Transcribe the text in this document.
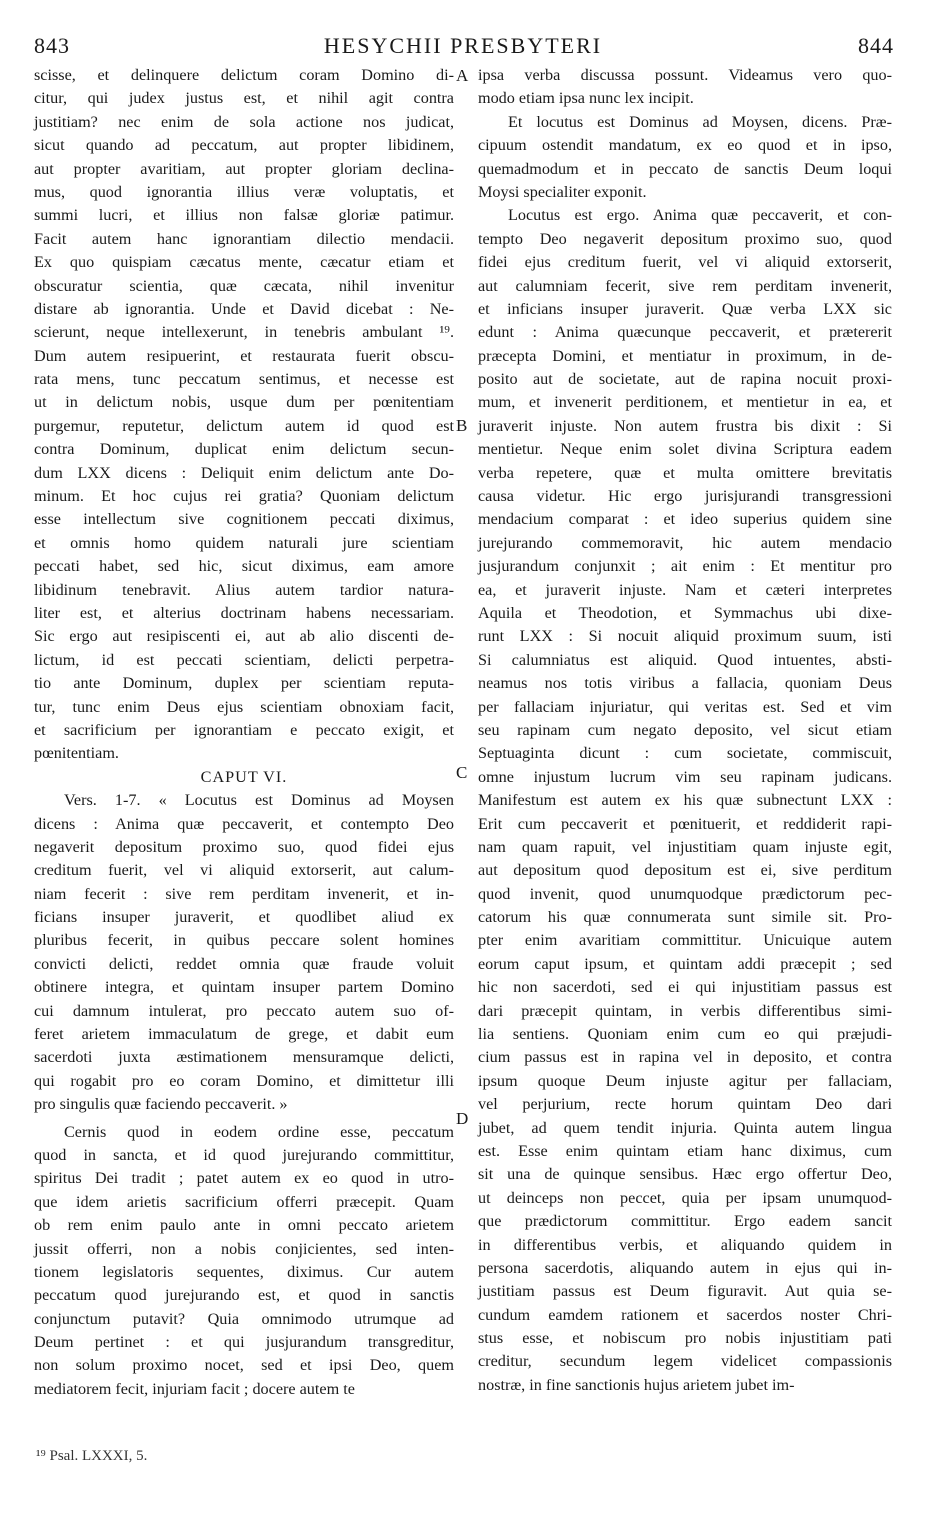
843	HESYCHII PRESBYTERI	844
scisse, et delinquere delictum coram Domino di-
citur, qui judex justus est, et nihil agit contra
justitiam? nec enim de sola actione nos judicat,
sicut quando ad peccatum, aut propter libidinem,
aut propter avaritiam, aut propter gloriam declina-
mus, quod ignorantia illius veræ voluptatis, et
summi lucri, et illius non falsæ gloriæ patimur.
Facit autem hanc ignorantiam dilectio mendacii.
Ex quo quispiam cæcatus mente, cæcatur etiam et
obscuratur scientia, quæ cæcata, nihil invenitur
distare ab ignorantia. Unde et David dicebat : Ne-
scierunt, neque intellexerunt, in tenebris ambulant ¹⁹.
Dum autem resipuerint, et restaurata fuerit obscu-
rata mens, tunc peccatum sentimus, et necesse est
ut in delictum nobis, usque dum per pœnitentiam
purgemur, reputetur, delictum autem id quod est
contra Dominum, duplicat enim delictum secun-
dum LXX dicens : Deliquit enim delictum ante Do-
minum. Et hoc cujus rei gratia? Quoniam delictum
esse intellectum sive cognitionem peccati diximus,
et omnis homo quidem naturali jure scientiam
peccati habet, sed hic, sicut diximus, eam amore
libidinum tenebravit. Alius autem tardior natura-
liter est, et alterius doctrinam habens necessariam.
Sic ergo aut resipiscenti ei, aut ab alio discenti de-
lictum, id est peccati scientiam, delicti perpetra-
tio ante Dominum, duplex per scientiam reputa-
tur, tunc enim Deus ejus scientiam obnoxiam facit,
et sacrificium per ignorantiam e peccato exigit, et
pœnitentiam.
CAPUT VI.
Vers. 1-7. « Locutus est Dominus ad Moysen
dicens : Anima quæ peccaverit, et contempto Deo
negaverit depositum proximo suo, quod fidei ejus
creditum fuerit, vel vi aliquid extorserit, aut calum-
niam fecerit : sive rem perditam invenerit, et in-
ficians insuper juraverit, et quodlibet aliud ex
pluribus fecerit, in quibus peccare solent homines
convicti delicti, reddet omnia quæ fraude voluit
obtinere integra, et quintam insuper partem Domino
cui damnum intulerat, pro peccato autem suo of-
feret arietem immaculatum de grege, et dabit eum
sacerdoti juxta æstimationem mensuramque delicti,
qui rogabit pro eo coram Domino, et dimittetur illi
pro singulis quæ faciendo peccaverit. »
Cernis quod in eodem ordine esse, peccatum
quod in sancta, et id quod jurejurando committitur,
spiritus Dei tradit ; patet autem ex eo quod in utro-
que idem arietis sacrificium offerri præcepit. Quam
ob rem enim paulo ante in omni peccato arietem
jussit offerri, non a nobis conjicientes, sed inten-
tionem legislatoris sequentes, diximus. Cur autem
peccatum quod jurejurando est, et quod in sanctis
conjunctum putavit? Quia omnimodo utrumque ad
Deum pertinet : et qui jusjurandum transgreditur,
non solum proximo nocet, sed et ipsi Deo, quem
mediatorem fecit, injuriam facit ; docere autem te
ipsa verba discussa possunt. Videamus vero quo-
modo etiam ipsa nunc lex incipit.
Et locutus est Dominus ad Moysen, dicens. Præ-
cipuum ostendit mandatum, ex eo quod et in ipso,
quemadmodum et in peccato de sanctis Deum loqui
Moysi specialiter exponit.
Locutus est ergo. Anima quæ peccaverit, et con-
tempto Deo negaverit depositum proximo suo, quod
fidei ejus creditum fuerit, vel vi aliquid extorserit,
aut calumniam fecerit, sive rem perditam invenerit,
et inficians insuper juraverit. Quæ verba LXX sic
edunt : Anima quæcunque peccaverit, et prætererit
præcepta Domini, et mentiatur in proximum, in de-
posito aut de societate, aut de rapina nocuit proxi-
mum, et invenerit perditionem, et mentietur in ea, et
juraverit injuste. Non autem frustra bis dixit : Si
mentietur. Neque enim solet divina Scriptura eadem
verba repetere, quæ et multa omittere brevitatis
causa videtur. Hic ergo jurisjurandi transgressioni
mendacium comparat : et ideo superius quidem sine
jurejurando commemoravit, hic autem mendacio
jusjurandum conjunxit ; ait enim : Et mentitur pro
ea, et juraverit injuste. Nam et cæteri interpretes
Aquila et Theodotion, et Symmachus ubi dixe-
runt LXX : Si nocuit aliquid proximum suum, isti
Si calumniatus est aliquid. Quod intuentes, absti-
neamus nos totis viribus a fallacia, quoniam Deus
per fallaciam injuriatur, qui veritas est. Sed et vim
seu rapinam cum negato deposito, vel sicut etiam
Septuaginta dicunt : cum societate, commiscuit,
omne injustum lucrum vim seu rapinam judicans.
Manifestum est autem ex his quæ subnectunt LXX :
Erit cum peccaverit et pœnituerit, et reddiderit rapi-
nam quam rapuit, vel injustitiam quam injuste egit,
aut depositum quod depositum est ei, sive perditum
quod invenit, quod unumquodque prædictorum pec-
catorum his quæ connumerata sunt simile sit. Pro-
pter enim avaritiam committitur. Unicuique autem
eorum caput ipsum, et quintam addi præcepit ; sed
hic non sacerdoti, sed ei qui injustitiam passus est
dari præcepit quintam, in verbis differentibus simi-
lia sentiens. Quoniam enim cum eo qui præjudi-
cium passus est in rapina vel in deposito, et contra
ipsum quoque Deum injuste agitur per fallaciam,
vel perjurium, recte horum quintam Deo dari
jubet, ad quem tendit injuria. Quinta autem lingua
est. Esse enim quintam etiam hanc diximus, cum
sit una de quinque sensibus. Hæc ergo offertur Deo,
ut deinceps non peccet, quia per ipsam unumquod-
que prædictorum committitur. Ergo eadem sancit
in differentibus verbis, et aliquando quidem in
persona sacerdotis, aliquando autem in ejus qui in-
justitiam passus est Deum figuravit. Aut quia se-
cundum eamdem rationem et sacerdos noster Chri-
stus esse, et nobiscum pro nobis injustitiam pati
creditur, secundum legem videlicet compassionis
nostræ, in fine sanctionis hujus arietem jubet im-
A
B
C
D
¹⁹ Psal. LXXXI, 5.
